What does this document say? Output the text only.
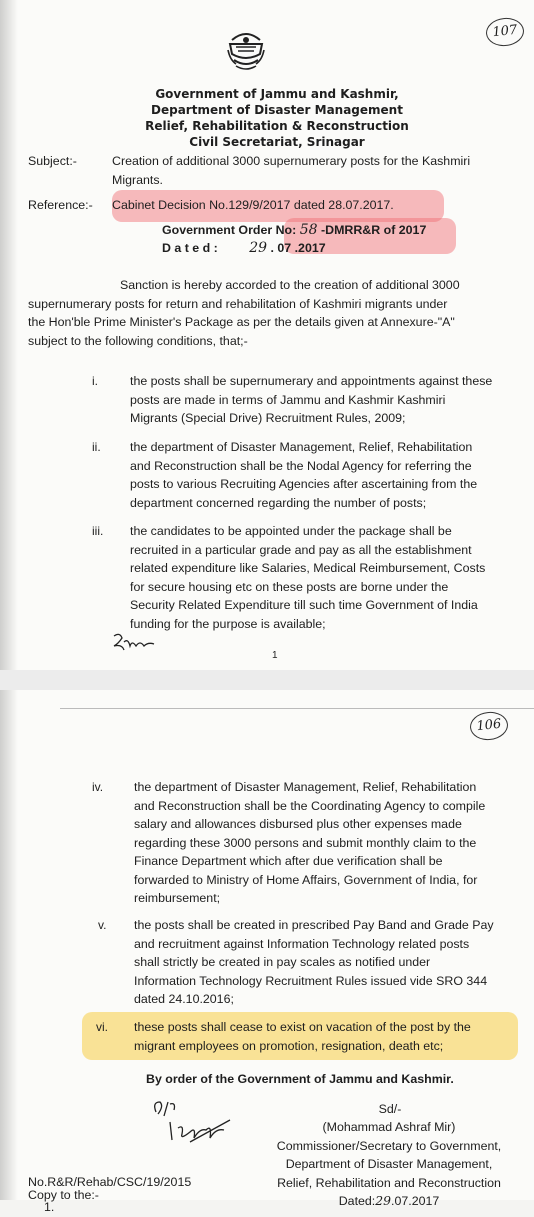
107
Government of Jammu and Kashmir,
Department of Disaster Management
Relief, Rehabilitation & Reconstruction
Civil Secretariat, Srinagar
Subject:-	Creation of additional 3000 supernumerary posts for the Kashmiri
Migrants.
Reference:- Cabinet Decision No.129/9/2017 dated 28.07.2017.
Government Order No: 58 -DMRR&R of 2017
D a t e d : 29 . 07 .2017
Sanction is hereby accorded to the creation of additional 3000
supernumerary posts for return and rehabilitation of Kashmiri migrants under
the Hon'ble Prime Minister's Package as per the details given at Annexure-"A"
subject to the following conditions, that;-
i.	the posts shall be supernumerary and appointments against these
posts are made in terms of Jammu and Kashmir Kashmiri
Migrants (Special Drive) Recruitment Rules, 2009;
ii. the department of Disaster Management, Relief, Rehabilitation
and Reconstruction shall be the Nodal Agency for referring the
posts to various Recruiting Agencies after ascertaining from the
department concerned regarding the number of posts;
iii. the candidates to be appointed under the package shall be
recruited in a particular grade and pay as all the establishment
related expenditure like Salaries, Medical Reimbursement, Costs
for secure housing etc on these posts are borne under the
Security Related Expenditure till such time Government of India
funding for the purpose is available;
1
106
iv. the department of Disaster Management, Relief, Rehabilitation
and Reconstruction shall be the Coordinating Agency to compile
salary and allowances disbursed plus other expenses made
regarding these 3000 persons and submit monthly claim to the
Finance Department which after due verification shall be
forwarded to Ministry of Home Affairs, Government of India, for
reimbursement;
v. the posts shall be created in prescribed Pay Band and Grade Pay
and recruitment against Information Technology related posts
shall strictly be created in pay scales as notified under
Information Technology Recruitment Rules issued vide SRO 344
dated 24.10.2016;
vi. these posts shall cease to exist on vacation of the post by the
migrant employees on promotion, resignation, death etc;
By order of the Government of Jammu and Kashmir.
Sd/-
(Mohammad Ashraf Mir)
Commissioner/Secretary to Government,
Department of Disaster Management,
Relief, Rehabilitation and Reconstruction
Dated:29.07.2017
No.R&R/Rehab/CSC/19/2015
Copy to the:-
1.
